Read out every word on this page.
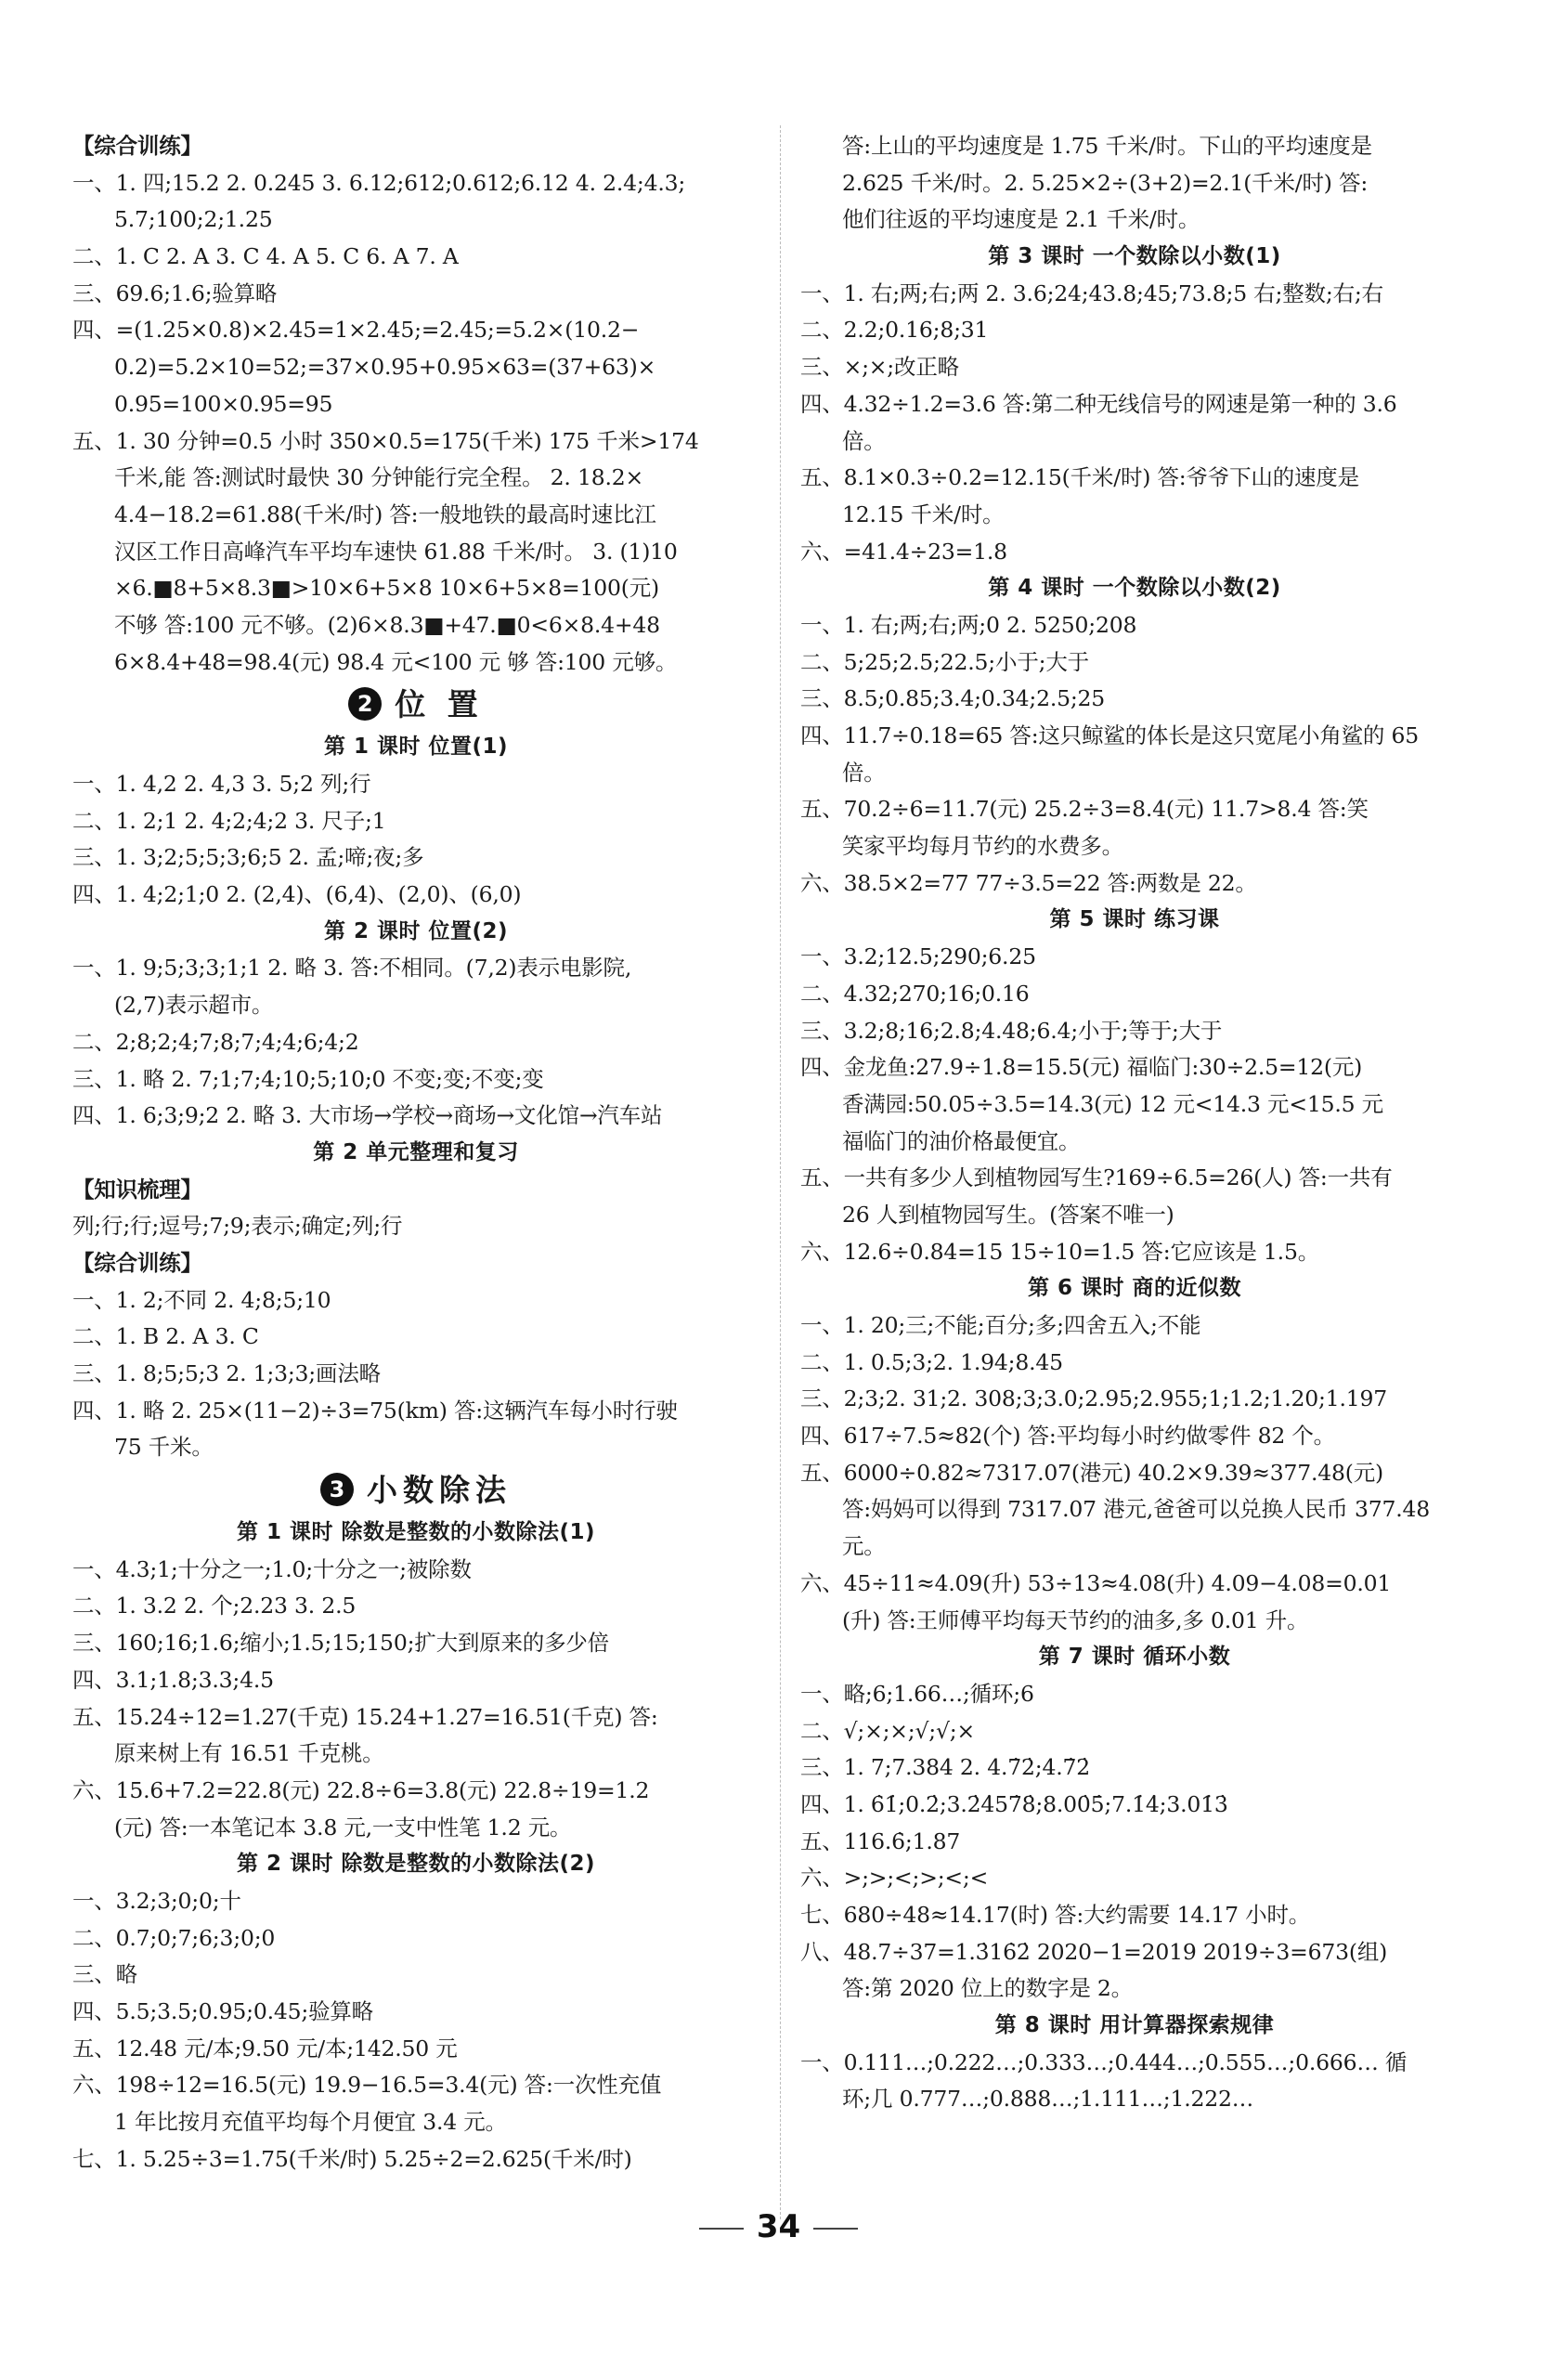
【综合训练】
一、1. 四;15.2 2. 0.245 3. 6.12;612;0.612;6.12 4. 2.4;4.3;
5.7;100;2;1.25
二、1. C 2. A 3. C 4. A 5. C 6. A 7. A
三、69.6;1.6;验算略
四、=(1.25×0.8)×2.45=1×2.45;=2.45;=5.2×(10.2−
0.2)=5.2×10=52;=37×0.95+0.95×63=(37+63)×
0.95=100×0.95=95
五、1. 30 分钟=0.5 小时 350×0.5=175(千米) 175 千米>174
千米,能 答:测试时最快 30 分钟能行完全程。 2. 18.2×
4.4−18.2=61.88(千米/时) 答:一般地铁的最高时速比江
汉区工作日高峰汽车平均车速快 61.88 千米/时。 3. (1)10
×6.■8+5×8.3■>10×6+5×8 10×6+5×8=100(元)
不够 答:100 元不够。(2)6×8.3■+47.■0<6×8.4+48
6×8.4+48=98.4(元) 98.4 元<100 元 够 答:100 元够。
2 位 置
第 1 课时 位置(1)
一、1. 4,2 2. 4,3 3. 5;2 列;行
二、1. 2;1 2. 4;2;4;2 3. 尺子;1
三、1. 3;2;5;5;3;6;5 2. 孟;啼;夜;多
四、1. 4;2;1;0 2. (2,4)、(6,4)、(2,0)、(6,0)
第 2 课时 位置(2)
一、1. 9;5;3;3;1;1 2. 略 3. 答:不相同。(7,2)表示电影院,
(2,7)表示超市。
二、2;8;2;4;7;8;7;4;4;6;4;2
三、1. 略 2. 7;1;7;4;10;5;10;0 不变;变;不变;变
四、1. 6;3;9;2 2. 略 3. 大市场→学校→商场→文化馆→汽车站
第 2 单元整理和复习
【知识梳理】
列;行;行;逗号;7;9;表示;确定;列;行
【综合训练】
一、1. 2;不同 2. 4;8;5;10
二、1. B 2. A 3. C
三、1. 8;5;5;3 2. 1;3;3;画法略
四、1. 略 2. 25×(11−2)÷3=75(km) 答:这辆汽车每小时行驶
75 千米。
3 小数除法
第 1 课时 除数是整数的小数除法(1)
一、4.3;1;十分之一;1.0;十分之一;被除数
二、1. 3.2 2. 个;2.23 3. 2.5
三、160;16;1.6;缩小;1.5;15;150;扩大到原来的多少倍
四、3.1;1.8;3.3;4.5
五、15.24÷12=1.27(千克) 15.24+1.27=16.51(千克) 答:
原来树上有 16.51 千克桃。
六、15.6+7.2=22.8(元) 22.8÷6=3.8(元) 22.8÷19=1.2
(元) 答:一本笔记本 3.8 元,一支中性笔 1.2 元。
第 2 课时 除数是整数的小数除法(2)
一、3.2;3;0;0;十
二、0.7;0;7;6;3;0;0
三、略
四、5.5;3.5;0.95;0.45;验算略
五、12.48 元/本;9.50 元/本;142.50 元
六、198÷12=16.5(元) 19.9−16.5=3.4(元) 答:一次性充值
1 年比按月充值平均每个月便宜 3.4 元。
七、1. 5.25÷3=1.75(千米/时) 5.25÷2=2.625(千米/时)
答:上山的平均速度是 1.75 千米/时。下山的平均速度是
2.625 千米/时。2. 5.25×2÷(3+2)=2.1(千米/时) 答:
他们往返的平均速度是 2.1 千米/时。
第 3 课时 一个数除以小数(1)
一、1. 右;两;右;两 2. 3.6;24;43.8;45;73.8;5 右;整数;右;右
二、2.2;0.16;8;31
三、×;×;改正略
四、4.32÷1.2=3.6 答:第二种无线信号的网速是第一种的 3.6
倍。
五、8.1×0.3÷0.2=12.15(千米/时) 答:爷爷下山的速度是
12.15 千米/时。
六、=41.4÷23=1.8
第 4 课时 一个数除以小数(2)
一、1. 右;两;右;两;0 2. 5250;208
二、5;25;2.5;22.5;小于;大于
三、8.5;0.85;3.4;0.34;2.5;25
四、11.7÷0.18=65 答:这只鲸鲨的体长是这只宽尾小角鲨的 65
倍。
五、70.2÷6=11.7(元) 25.2÷3=8.4(元) 11.7>8.4 答:笑
笑家平均每月节约的水费多。
六、38.5×2=77 77÷3.5=22 答:两数是 22。
第 5 课时 练习课
一、3.2;12.5;290;6.25
二、4.32;270;16;0.16
三、3.2;8;16;2.8;4.48;6.4;小于;等于;大于
四、金龙鱼:27.9÷1.8=15.5(元) 福临门:30÷2.5=12(元)
香满园:50.05÷3.5=14.3(元) 12 元<14.3 元<15.5 元
福临门的油价格最便宜。
五、一共有多少人到植物园写生?169÷6.5=26(人) 答:一共有
26 人到植物园写生。(答案不唯一)
六、12.6÷0.84=15 15÷10=1.5 答:它应该是 1.5。
第 6 课时 商的近似数
一、1. 20;三;不能;百分;多;四舍五入;不能
二、1. 0.5;3;2. 1.94;8.45
三、2;3;2. 31;2. 308;3;3.0;2.95;2.955;1;1.2;1.20;1.197
四、617÷7.5≈82(个) 答:平均每小时约做零件 82 个。
五、6000÷0.82≈7317.07(港元) 40.2×9.39≈377.48(元)
答:妈妈可以得到 7317.07 港元,爸爸可以兑换人民币 377.48
元。
六、45÷11≈4.09(升) 53÷13≈4.08(升) 4.09−4.08=0.01
(升) 答:王师傅平均每天节约的油多,多 0.01 升。
第 7 课时 循环小数
一、略;6;1.66…;循环;6
二、√;×;×;√;√;×
三、1. 7;7.384 2. 4.7̇2̇;4.7̇2̇
四、1. 6̇1̇;0.2̇;3.2̇4̇57̇8̇;8.00̇5̇;7.1̇4̇;3.01̇3̇
五、116.6̇;1.87
六、>;>;<;>;<;<
七、680÷48≈14.17(时) 答:大约需要 14.17 小时。
八、48.7÷37=1.3̇16̇2̇ 2020−1=2019 2019÷3=673(组)
答:第 2020 位上的数字是 2。
第 8 课时 用计算器探索规律
一、0.111…;0.222…;0.333…;0.444…;0.555…;0.666… 循
环;几 0.777…;0.888…;1.111…;1.222…
34
